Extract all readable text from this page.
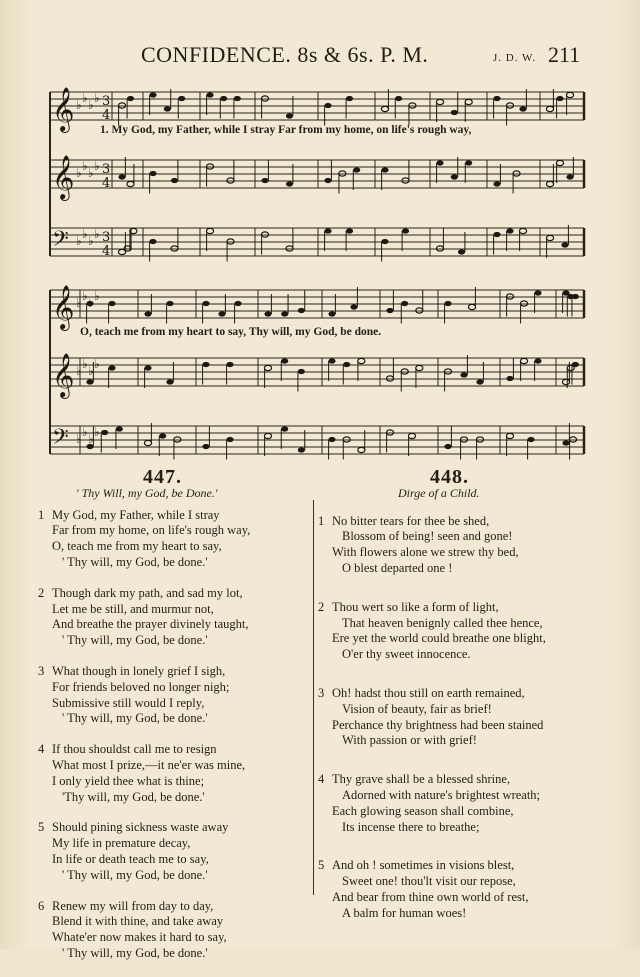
CONFIDENCE. 8s & 6s. P. M.	J. D. W. 211
𝄞 ♭ ♭ ♭ ♭ 3
4
𝄞 ♭ ♭ ♭ ♭ 3
4
𝄢 ♭ ♭ ♭ ♭ 3
4
𝄞 ♭ ♭ ♭ ♭
𝄞 ♭ ♭ ♭ ♭
𝄢 ♭ ♭ ♭ ♭
1. My God, my Father, while I stray Far from my home, on life's rough way,
O, teach me from my heart to say, Thy will, my God, be done.
447.
' Thy Will, my God, be Done.'
1 My God, my Father, while I stray
Far from my home, on life's rough way,
O, teach me from my heart to say,
' Thy will, my God, be done.'
2 Though dark my path, and sad my lot,
Let me be still, and murmur not,
And breathe the prayer divinely taught,
' Thy will, my God, be done.'
3 What though in lonely grief I sigh,
For friends beloved no longer nigh;
Submissive still would I reply,
' Thy will, my God, be done.'
4 If thou shouldst call me to resign
What most I prize,—it ne'er was mine,
I only yield thee what is thine;
'Thy will, my God, be done.'
5 Should pining sickness waste away
My life in premature decay,
In life or death teach me to say,
' Thy will, my God, be done.'
6 Renew my will from day to day,
Blend it with thine, and take away
Whate'er now makes it hard to say,
' Thy will, my God, be done.'
448.
Dirge of a Child.
1 No bitter tears for thee be shed,
Blossom of being! seen and gone!
With flowers alone we strew thy bed,
O blest departed one !
2 Thou wert so like a form of light,
That heaven benignly called thee hence,
Ere yet the world could breathe one blight,
O'er thy sweet innocence.
3 Oh! hadst thou still on earth remained,
Vision of beauty, fair as brief!
Perchance thy brightness had been stained
With passion or with grief!
4 Thy grave shall be a blessed shrine,
Adorned with nature's brightest wreath;
Each glowing season shall combine,
Its incense there to breathe;
5 And oh ! sometimes in visions blest,
Sweet one! thou'lt visit our repose,
And bear from thine own world of rest,
A balm for human woes!
